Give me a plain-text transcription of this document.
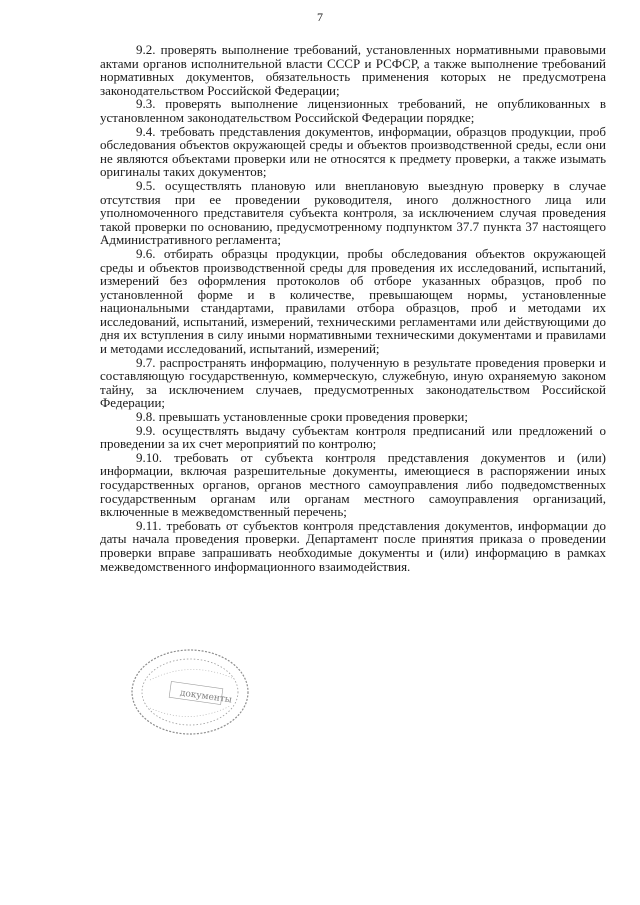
7

9.2. проверять выполнение требований, установленных нормативными правовыми актами органов исполнительной власти СССР и РСФСР, а также выполнение требований нормативных документов, обязательность применения которых не предусмотрена законодательством Российской Федерации;

9.3. проверять выполнение лицензионных требований, не опубликованных в установленном законодательством Российской Федерации порядке;

9.4. требовать представления документов, информации, образцов продукции, проб обследования объектов окружающей среды и объектов производственной среды, если они не являются объектами проверки или не относятся к предмету проверки, а также изымать оригиналы таких документов;

9.5. осуществлять плановую или внеплановую выездную проверку в случае отсутствия при ее проведении руководителя, иного должностного лица или уполномоченного представителя субъекта контроля, за исключением случая проведения такой проверки по основанию, предусмотренному подпунктом 37.7 пункта 37 настоящего Административного регламента;

9.6. отбирать образцы продукции, пробы обследования объектов окружающей среды и объектов производственной среды для проведения их исследований, испытаний, измерений без оформления протоколов об отборе указанных образцов, проб по установленной форме и в количестве, превышающем нормы, установленные национальными стандартами, правилами отбора образцов, проб и методами их исследований, испытаний, измерений, техническими регламентами или действующими до дня их вступления в силу иными нормативными техническими документами и правилами и методами исследований, испытаний, измерений;

9.7. распространять информацию, полученную в результате проведения проверки и составляющую государственную, коммерческую, служебную, иную охраняемую законом тайну, за исключением случаев, предусмотренных законодательством Российской Федерации;

9.8. превышать установленные сроки проведения проверки;

9.9. осуществлять выдачу субъектам контроля предписаний или предложений о проведении за их счет мероприятий по контролю;

9.10. требовать от субъекта контроля представления документов и (или) информации, включая разрешительные документы, имеющиеся в распоряжении иных государственных органов, органов местного самоуправления либо подведомственных государственным органам или органам местного самоуправления организаций, включенные в межведомственный перечень;

9.11. требовать от субъектов контроля представления документов, информации до даты начала проведения проверки. Департамент после принятия приказа о проведении проверки вправе запрашивать необходимые документы и (или) информацию в рамках межведомственного информационного взаимодействия.

документы
